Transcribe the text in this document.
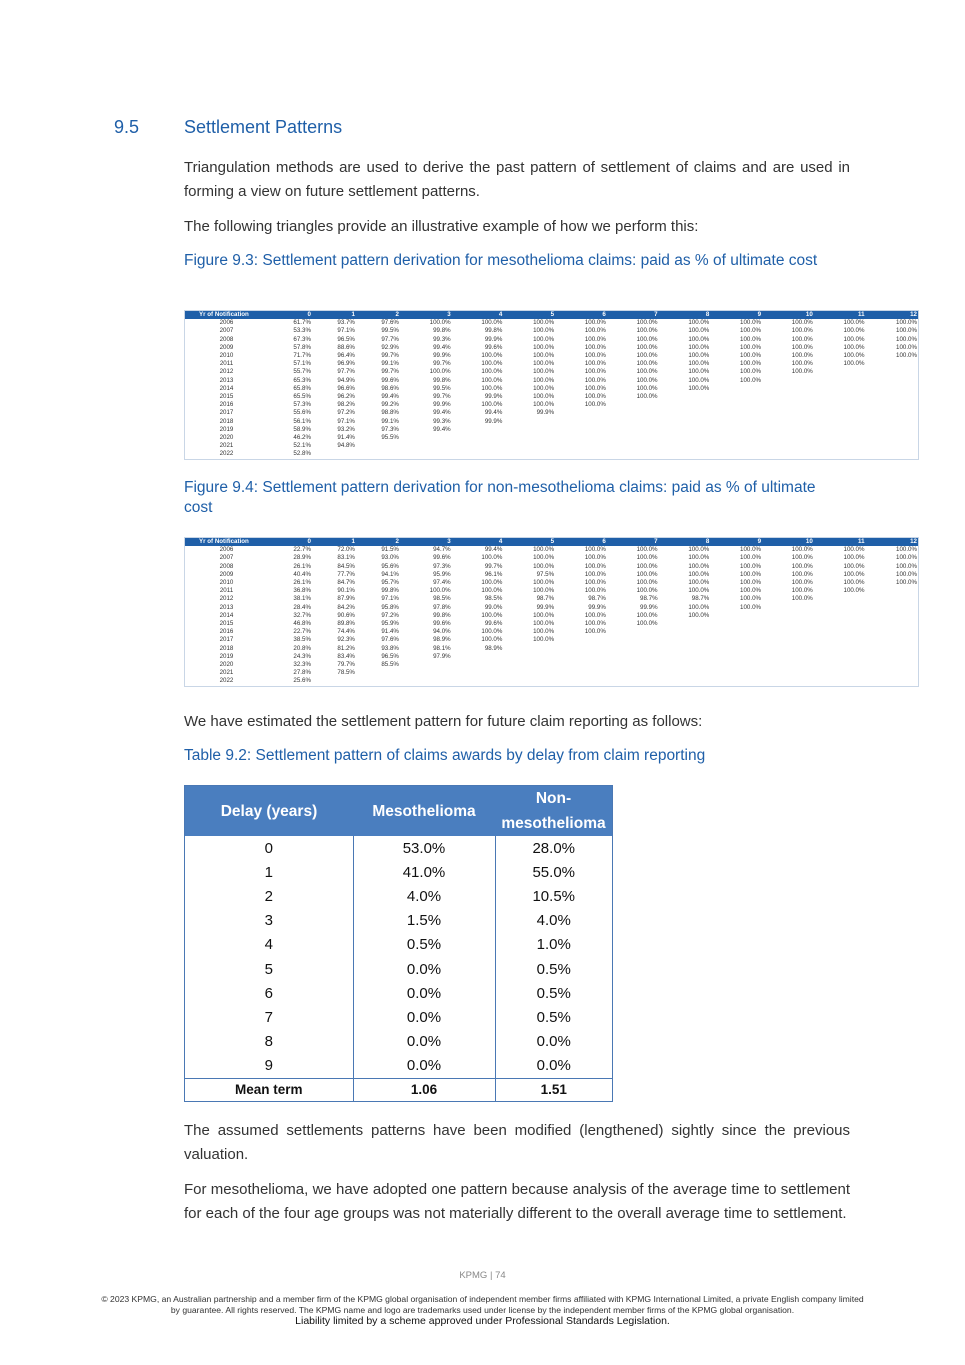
9.5 Settlement Patterns

Triangulation methods are used to derive the past pattern of settlement of claims and are used in forming a view on future settlement patterns.

The following triangles provide an illustrative example of how we perform this:

Figure 9.3: Settlement pattern derivation for mesothelioma claims: paid as % of ultimate cost

Yr of Notification	0	1	2	3	4	5	6	7	8	9	10	11	12
2006	61.7%	93.7%	97.6%	100.0%	100.0%	100.0%	100.0%	100.0%	100.0%	100.0%	100.0%	100.0%	100.0%
2007	53.3%	97.1%	99.5%	99.8%	99.8%	100.0%	100.0%	100.0%	100.0%	100.0%	100.0%	100.0%	100.0%
2008	67.3%	96.5%	97.7%	99.3%	99.9%	100.0%	100.0%	100.0%	100.0%	100.0%	100.0%	100.0%	100.0%
2009	57.8%	88.6%	92.9%	99.4%	99.6%	100.0%	100.0%	100.0%	100.0%	100.0%	100.0%	100.0%	100.0%
2010	71.7%	96.4%	99.7%	99.9%	100.0%	100.0%	100.0%	100.0%	100.0%	100.0%	100.0%	100.0%	100.0%
2011	57.1%	96.9%	99.1%	99.7%	100.0%	100.0%	100.0%	100.0%	100.0%	100.0%	100.0%	100.0%	
2012	55.7%	97.7%	99.7%	100.0%	100.0%	100.0%	100.0%	100.0%	100.0%	100.0%	100.0%		
2013	65.3%	94.9%	99.6%	99.8%	100.0%	100.0%	100.0%	100.0%	100.0%	100.0%			
2014	65.8%	96.6%	98.6%	99.5%	100.0%	100.0%	100.0%	100.0%	100.0%				
2015	65.5%	96.2%	99.4%	99.7%	99.9%	100.0%	100.0%	100.0%					
2016	57.3%	98.2%	99.2%	99.9%	100.0%	100.0%	100.0%						
2017	55.6%	97.2%	98.8%	99.4%	99.4%	99.9%							
2018	56.1%	97.1%	99.1%	99.3%	99.9%								
2019	58.9%	93.2%	97.3%	99.4%									
2020	46.2%	91.4%	95.5%										
2021	52.1%	94.8%											
2022	52.8%												

Figure 9.4: Settlement pattern derivation for non-mesothelioma claims: paid as % of ultimate cost

Yr of Notification	0	1	2	3	4	5	6	7	8	9	10	11	12
2006	22.7%	72.0%	91.5%	94.7%	99.4%	100.0%	100.0%	100.0%	100.0%	100.0%	100.0%	100.0%	100.0%
2007	28.9%	83.1%	93.0%	99.6%	100.0%	100.0%	100.0%	100.0%	100.0%	100.0%	100.0%	100.0%	100.0%
2008	26.1%	84.5%	95.6%	97.3%	99.7%	100.0%	100.0%	100.0%	100.0%	100.0%	100.0%	100.0%	100.0%
2009	40.4%	77.7%	94.1%	95.9%	96.1%	97.5%	100.0%	100.0%	100.0%	100.0%	100.0%	100.0%	100.0%
2010	26.1%	84.7%	95.7%	97.4%	100.0%	100.0%	100.0%	100.0%	100.0%	100.0%	100.0%	100.0%	100.0%
2011	36.8%	90.1%	99.8%	100.0%	100.0%	100.0%	100.0%	100.0%	100.0%	100.0%	100.0%	100.0%	
2012	38.1%	87.9%	97.1%	98.5%	98.5%	98.7%	98.7%	98.7%	98.7%	100.0%	100.0%		
2013	28.4%	84.2%	95.8%	97.8%	99.0%	99.9%	99.9%	99.9%	100.0%	100.0%			
2014	32.7%	90.6%	97.2%	99.8%	100.0%	100.0%	100.0%	100.0%	100.0%				
2015	46.8%	89.8%	95.9%	99.6%	99.6%	100.0%	100.0%	100.0%					
2016	22.7%	74.4%	91.4%	94.0%	100.0%	100.0%	100.0%						
2017	38.5%	92.3%	97.6%	98.9%	100.0%	100.0%							
2018	20.8%	81.2%	93.8%	98.1%	98.9%								
2019	24.3%	83.4%	96.5%	97.9%									
2020	32.3%	79.7%	85.5%										
2021	27.8%	78.5%											
2022	25.6%												

We have estimated the settlement pattern for future claim reporting as follows:

Table 9.2: Settlement pattern of claims awards by delay from claim reporting

Delay (years)	Mesothelioma	Non-
mesothelioma
0	53.0%	28.0%
1	41.0%	55.0%
2	4.0%	10.5%
3	1.5%	4.0%
4	0.5%	1.0%
5	0.0%	0.5%
6	0.0%	0.5%
7	0.0%	0.5%
8	0.0%	0.0%
9	0.0%	0.0%
Mean term	1.06	1.51

The assumed settlements patterns have been modified (lengthened) sightly since the previous valuation.

For mesothelioma, we have adopted one pattern because analysis of the average time to settlement for each of the four age groups was not materially different to the overall average time to settlement.

KPMG | 74
© 2023 KPMG, an Australian partnership and a member firm of the KPMG global organisation of independent member firms affiliated with KPMG International Limited, a private English company limited by guarantee. All rights reserved. The KPMG name and logo are trademarks used under license by the independent member firms of the KPMG global organisation.
Liability limited by a scheme approved under Professional Standards Legislation.
